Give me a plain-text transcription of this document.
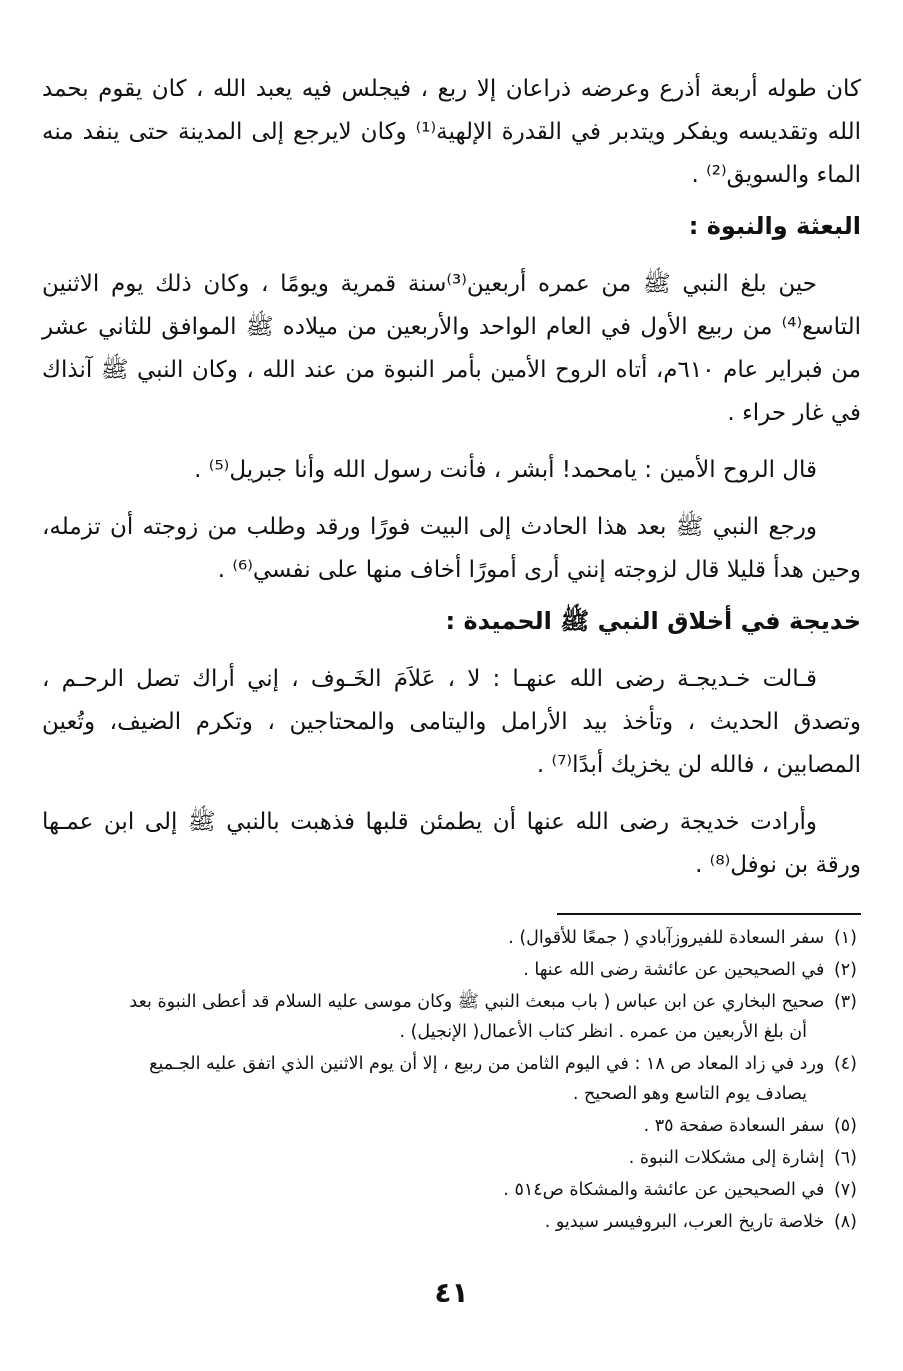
كان طوله أربعة أذرع وعرضه ذراعان إلا ربع ، فيجلس فيه يعبد الله ، كان يقوم بحمد الله وتقديسه ويفكر ويتدبر في القدرة الإلهية⁽¹⁾ وكان لايرجع إلى المدينة حتى ينفد منه الماء والسويق⁽²⁾ .

البعثة والنبوة :

حين بلغ النبي ﷺ من عمره أربعين⁽³⁾سنة قمرية ويومًا ، وكان ذلك يوم الاثنين التاسع⁽⁴⁾ من ربيع الأول في العام الواحد والأربعين من ميلاده ﷺ الموافق للثاني عشر من فبراير عام ٦١٠م، أتاه الروح الأمين بأمر النبوة من عند الله ، وكان النبي ﷺ آنذاك في غار حراء .

قال الروح الأمين : يامحمد! أبشر ، فأنت رسول الله وأنا جبريل⁽⁵⁾ .

ورجع النبي ﷺ بعد هذا الحادث إلى البيت فورًا ورقد وطلب من زوجته أن تزمله، وحين هدأ قليلا قال لزوجته إنني أرى أمورًا أخاف منها على نفسي⁽⁶⁾ .

خديجة في أخلاق النبي ﷺ الحميدة :

قـالت خـديجـة رضى الله عنهـا : لا ، عَلاَمَ الخَـوف ، إني أراك تصل الرحـم ، وتصدق الحديث ، وتأخذ بيد الأرامل واليتامى والمحتاجين ، وتكرم الضيف، وتُعين المصابين ، فالله لن يخزيك أبدًا⁽⁷⁾ .

وأرادت خديجة رضى الله عنها أن يطمئن قلبها فذهبت بالنبي ﷺ إلى ابن عمـها ورقة بن نوفل⁽⁸⁾ .

(١) سفر السعادة للفيروزآبادي ( جمعًا للأقوال) .
(٢) في الصحيحين عن عائشة رضى الله عنها .
(٣) صحيح البخاري عن ابن عباس ( باب مبعث النبي ﷺ وكان موسى عليه السلام قد أعطى النبوة بعد
أن بلغ الأربعين من عمره . انظر كتاب الأعمال( الإنجيل) .
(٤) ورد في زاد المعاد ص ١٨ : في اليوم الثامن من ربيع ، إلا أن يوم الاثنين الذي اتفق عليه الجـميع
يصادف يوم التاسع وهو الصحيح .
(٥) سفر السعادة صفحة ٣٥ .
(٦) إشارة إلى مشكلات النبوة .
(٧) في الصحيحين عن عائشة والمشكاة ص٥١٤ .
(٨) خلاصة تاريخ العرب، البروفيسر سيديو .
٤١
